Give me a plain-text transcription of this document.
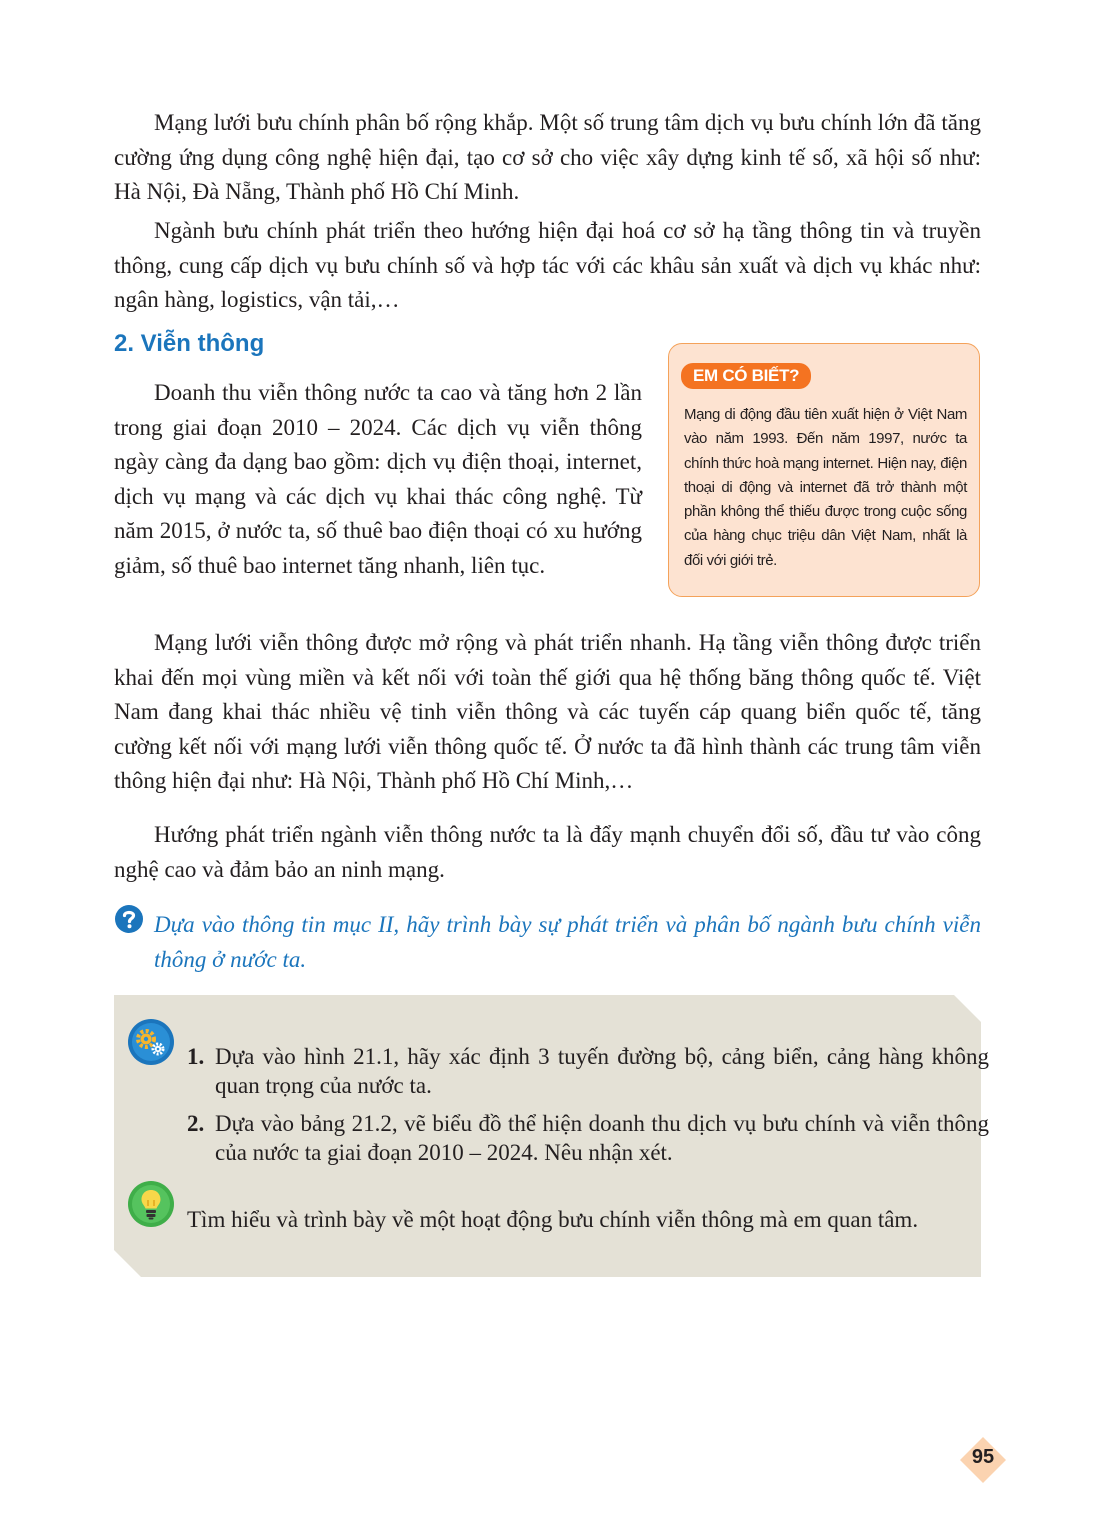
Mạng lưới bưu chính phân bố rộng khắp. Một số trung tâm dịch vụ bưu chính lớn đã tăng cường ứng dụng công nghệ hiện đại, tạo cơ sở cho việc xây dựng kinh tế số, xã hội số như: Hà Nội, Đà Nẵng, Thành phố Hồ Chí Minh.

Ngành bưu chính phát triển theo hướng hiện đại hoá cơ sở hạ tầng thông tin và truyền thông, cung cấp dịch vụ bưu chính số và hợp tác với các khâu sản xuất và dịch vụ khác như: ngân hàng, logistics, vận tải,…

2. Viễn thông

Doanh thu viễn thông nước ta cao và tăng hơn 2 lần trong giai đoạn 2010 – 2024. Các dịch vụ viễn thông ngày càng đa dạng bao gồm: dịch vụ điện thoại, internet, dịch vụ mạng và các dịch vụ khai thác công nghệ. Từ năm 2015, ở nước ta, số thuê bao điện thoại có xu hướng giảm, số thuê bao internet tăng nhanh, liên tục.

EM CÓ BIẾT?

Mạng di động đầu tiên xuất hiện ở Việt Nam vào năm 1993. Đến năm 1997, nước ta chính thức hoà mạng internet. Hiện nay, điện thoại di động và internet đã trở thành một phần không thể thiếu được trong cuộc sống của hàng chục triệu dân Việt Nam, nhất là đối với giới trẻ.

Mạng lưới viễn thông được mở rộng và phát triển nhanh. Hạ tầng viễn thông được triển khai đến mọi vùng miền và kết nối với toàn thế giới qua hệ thống băng thông quốc tế. Việt Nam đang khai thác nhiều vệ tinh viễn thông và các tuyến cáp quang biển quốc tế, tăng cường kết nối với mạng lưới viễn thông quốc tế. Ở nước ta đã hình thành các trung tâm viễn thông hiện đại như: Hà Nội, Thành phố Hồ Chí Minh,…

Hướng phát triển ngành viễn thông nước ta là đẩy mạnh chuyển đổi số, đầu tư vào công nghệ cao và đảm bảo an ninh mạng.

Dựa vào thông tin mục II, hãy trình bày sự phát triển và phân bố ngành bưu chính viễn thông ở nước ta.

1. Dựa vào hình 21.1, hãy xác định 3 tuyến đường bộ, cảng biển, cảng hàng không quan trọng của nước ta.

2. Dựa vào bảng 21.2, vẽ biểu đồ thể hiện doanh thu dịch vụ bưu chính và viễn thông của nước ta giai đoạn 2010 – 2024. Nêu nhận xét.

Tìm hiểu và trình bày về một hoạt động bưu chính viễn thông mà em quan tâm.

95
